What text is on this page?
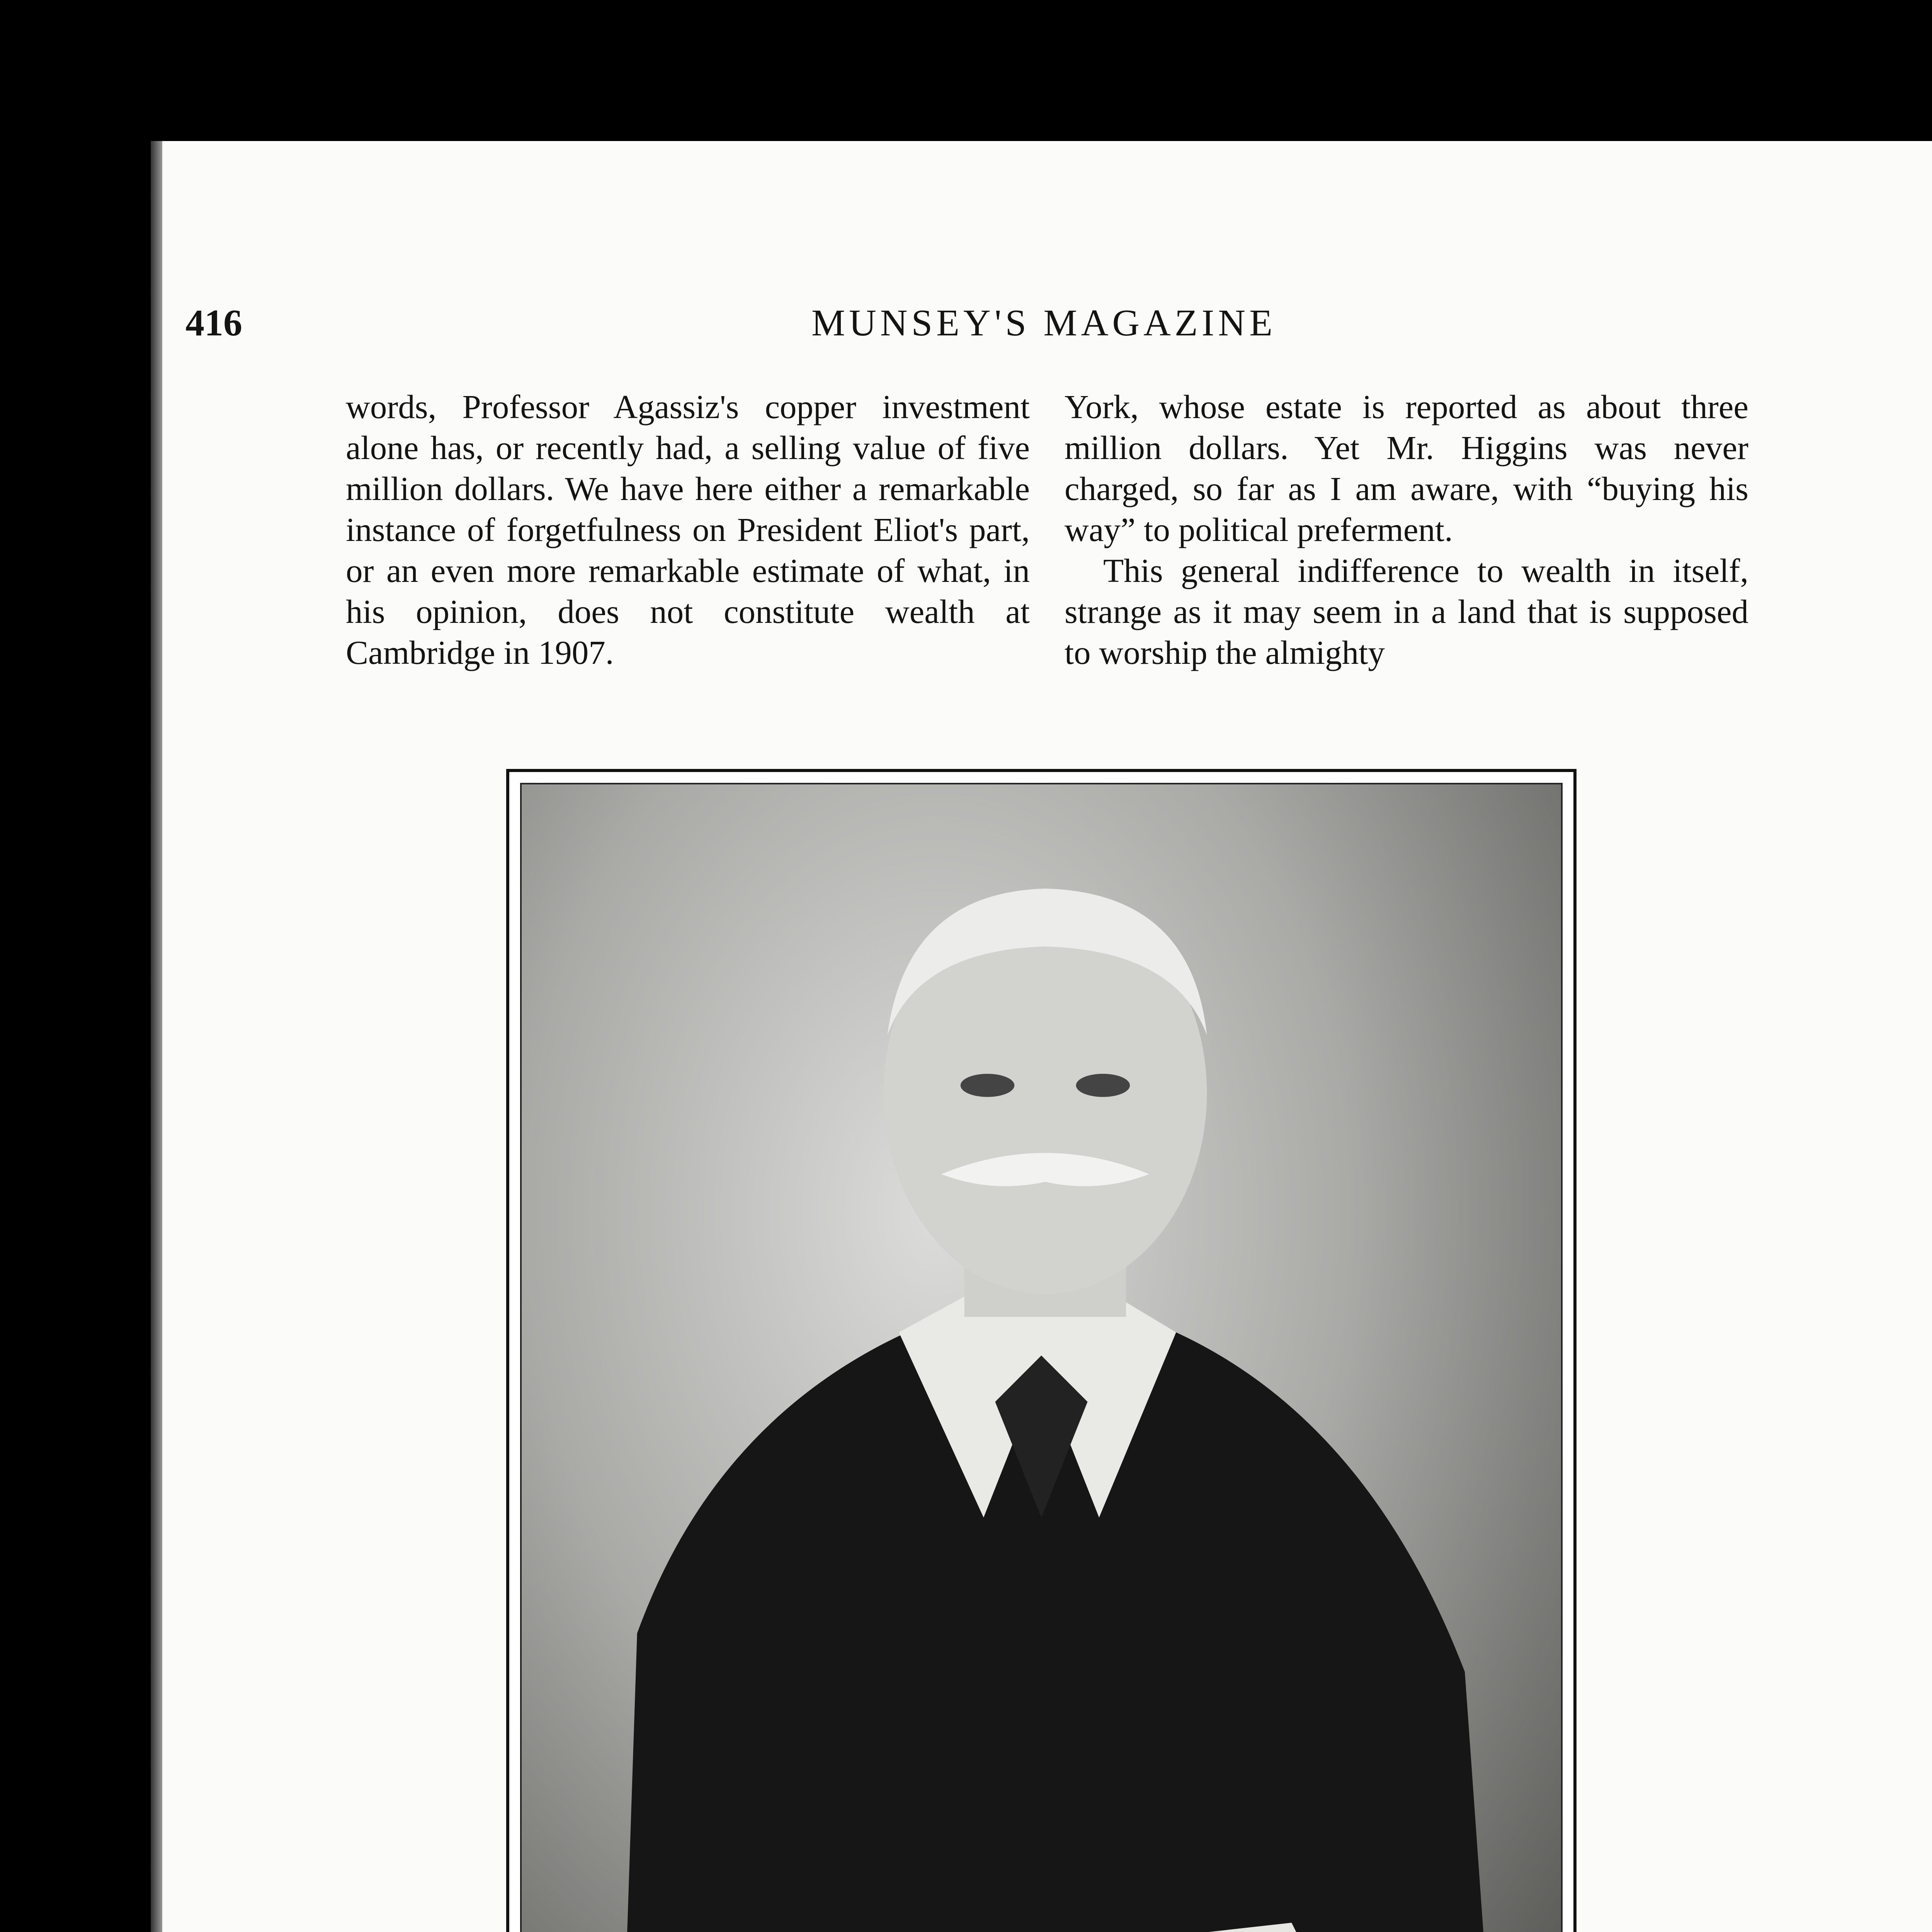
416	MUNSEY'S MAGAZINE

words, Professor Agassiz's copper investment alone has, or recently had, a selling value of five million dollars. We have here either a remarkable instance of forgetfulness on President Eliot's part, or an even more remarkable estimate of what, in his opinion, does not constitute wealth at Cambridge in 1907.

York, whose estate is reported as about three million dollars. Yet Mr. Higgins was never charged, so far as I am aware, with “buying his way” to political preferment.

This general indifference to wealth in itself, strange as it may seem in a land that is supposed to worship the almighty
